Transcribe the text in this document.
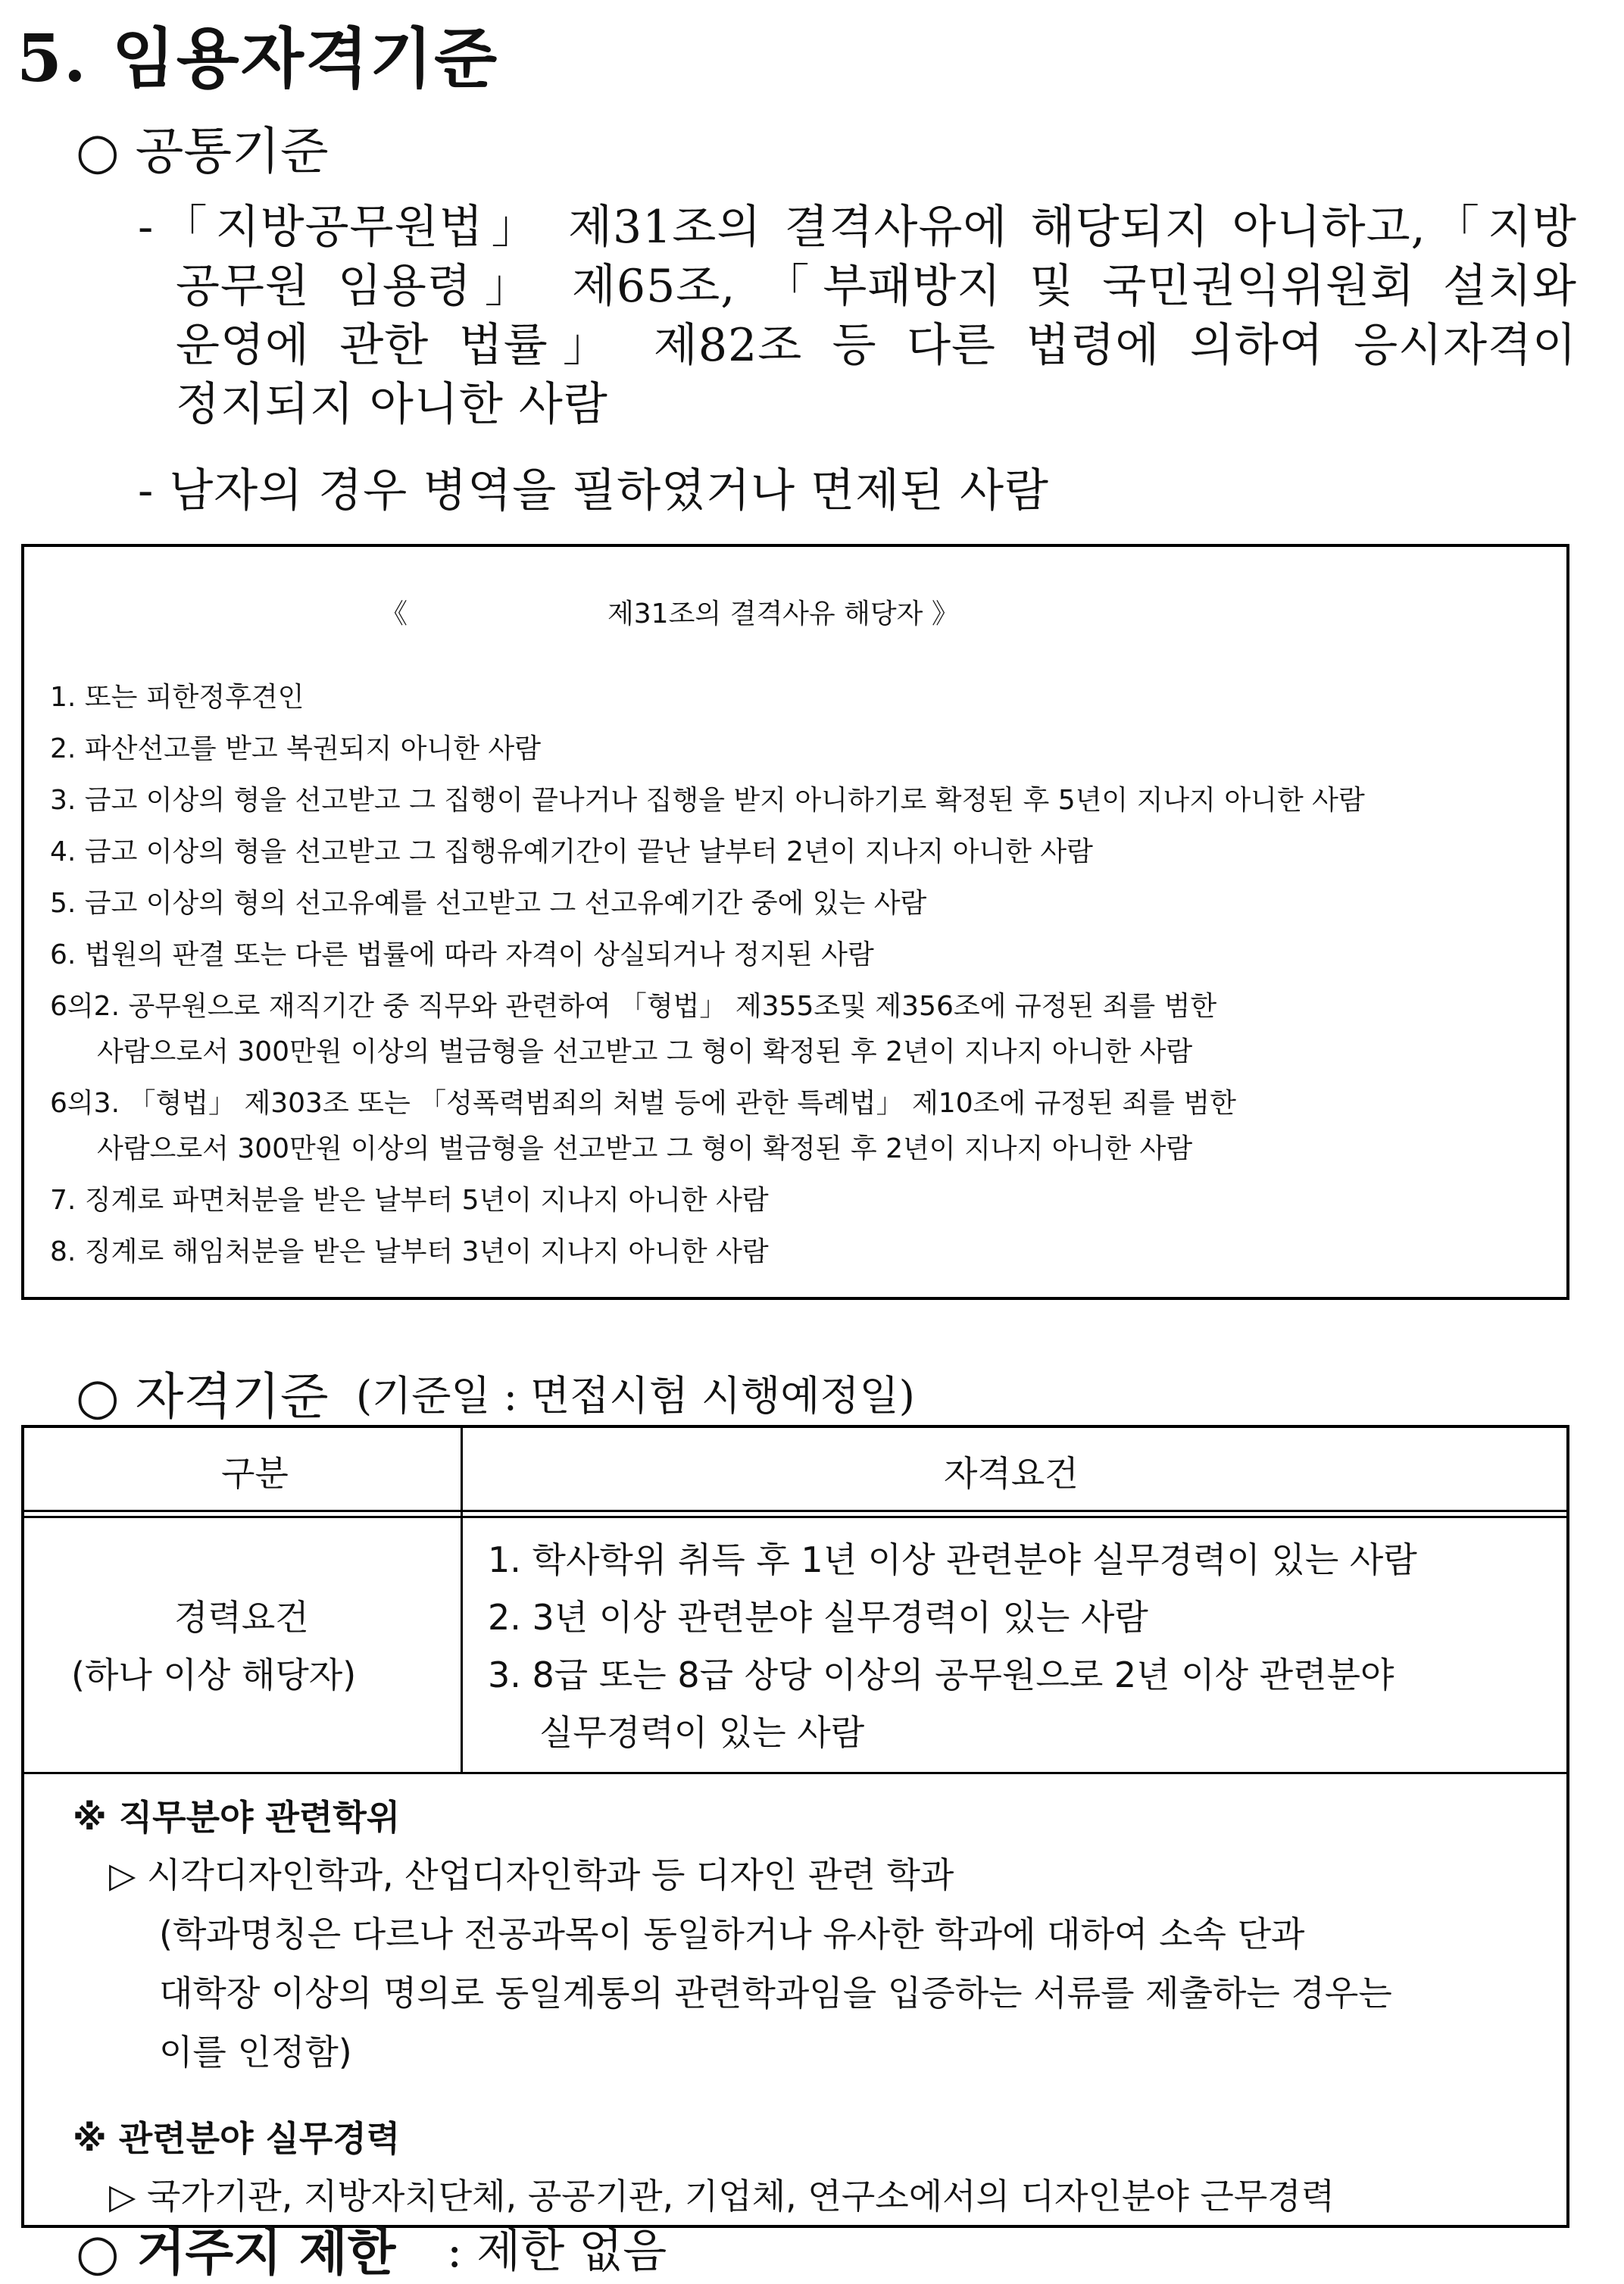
5. 임용자격기준
○ 공통기준
-「지방공무원법」 제31조의 결격사유에 해당되지 아니하고,「지방
공무원 임용령」 제65조, 「부패방지 및 국민권익위원회 설치와
운영에 관한 법률」 제82조 등 다른 법령에 의하여 응시자격이
정지되지 아니한 사람
- 남자의 경우 병역을 필하였거나 면제된 사람
《	제31조의 결격사유 해당자 》
1. 또는 피한정후견인
2. 파산선고를 받고 복권되지 아니한 사람
3. 금고 이상의 형을 선고받고 그 집행이 끝나거나 집행을 받지 아니하기로 확정된 후 5년이 지나지 아니한 사람
4. 금고 이상의 형을 선고받고 그 집행유예기간이 끝난 날부터 2년이 지나지 아니한 사람
5. 금고 이상의 형의 선고유예를 선고받고 그 선고유예기간 중에 있는 사람
6. 법원의 판결 또는 다른 법률에 따라 자격이 상실되거나 정지된 사람
6의2. 공무원으로 재직기간 중 직무와 관련하여 「형법」 제355조및 제356조에 규정된 죄를 범한
사람으로서 300만원 이상의 벌금형을 선고받고 그 형이 확정된 후 2년이 지나지 아니한 사람
6의3. 「형법」 제303조 또는 「성폭력범죄의 처벌 등에 관한 특례법」 제10조에 규정된 죄를 범한
사람으로서 300만원 이상의 벌금형을 선고받고 그 형이 확정된 후 2년이 지나지 아니한 사람
7. 징계로 파면처분을 받은 날부터 5년이 지나지 아니한 사람
8. 징계로 해임처분을 받은 날부터 3년이 지나지 아니한 사람
○ 자격기준 (기준일 : 면접시험 시행예정일)
구분	자격요건
경력요건
(하나 이상 해당자)
1. 학사학위 취득 후 1년 이상 관련분야 실무경력이 있는 사람
2. 3년 이상 관련분야 실무경력이 있는 사람
3. 8급 또는 8급 상당 이상의 공무원으로 2년 이상 관련분야
실무경력이 있는 사람
※ 직무분야 관련학위
▷ 시각디자인학과, 산업디자인학과 등 디자인 관련 학과
(학과명칭은 다르나 전공과목이 동일하거나 유사한 학과에 대하여 소속 단과
대학장 이상의 명의로 동일계통의 관련학과임을 입증하는 서류를 제출하는 경우는
이를 인정함)
※ 관련분야 실무경력
▷ 국가기관, 지방자치단체, 공공기관, 기업체, 연구소에서의 디자인분야 근무경력
○ 거주지 제한 : 제한 없음
